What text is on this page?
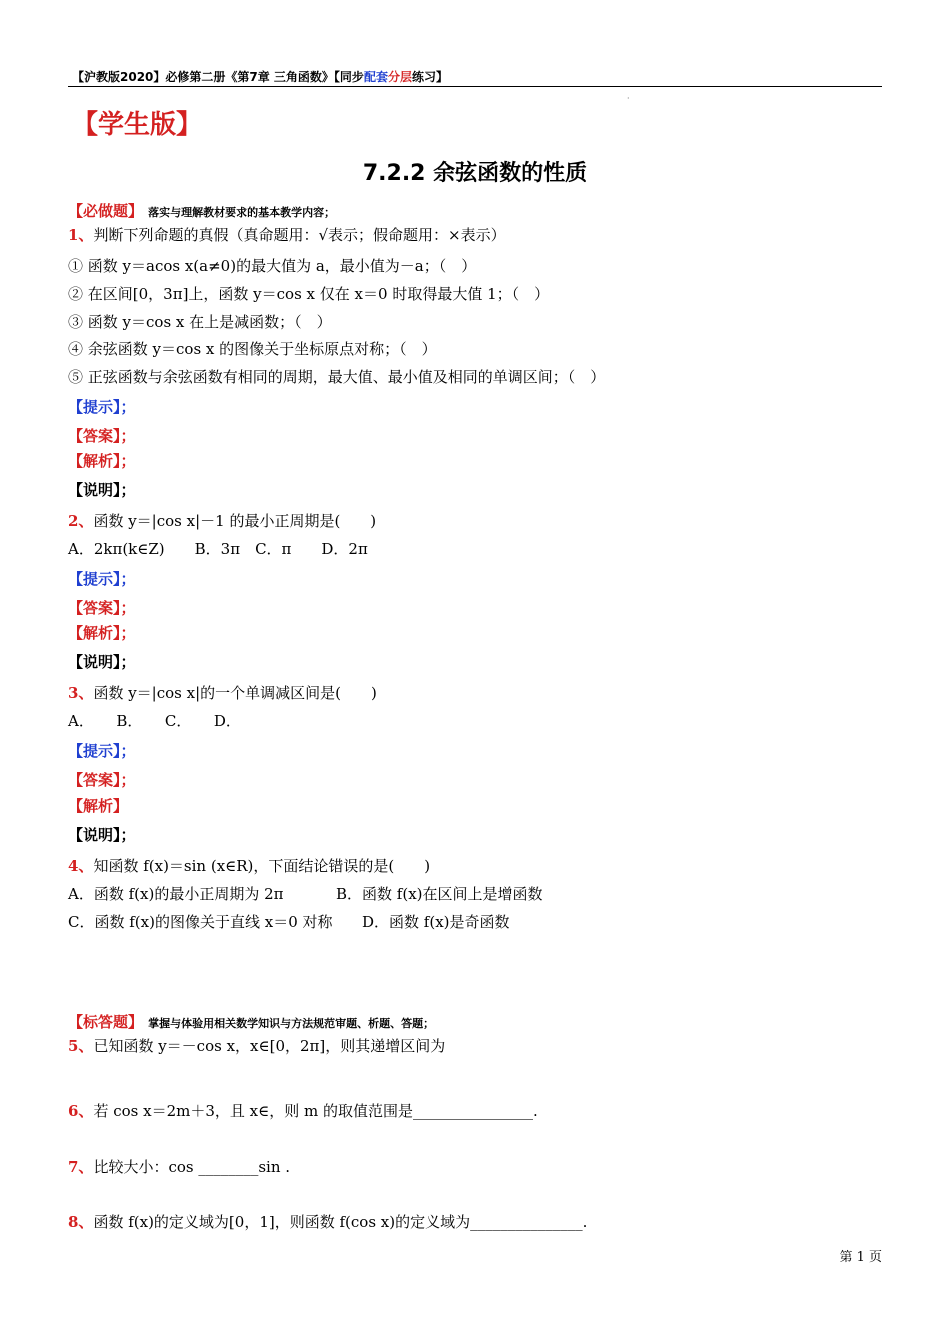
【沪教版2020】必修第二册《第7章 三角函数》【同步配套分层练习】
·
【学生版】
7.2.2 余弦函数的性质
【必做题】 落实与理解教材要求的基本教学内容；
1、判断下列命题的真假（真命题用：√表示；假命题用：×表示）
① 函数 y＝acos x(a≠0)的最大值为 a，最小值为－a；（　）
② 在区间[0，3π]上，函数 y＝cos x 仅在 x＝0 时取得最大值 1；（　）
③ 函数 y＝cos x 在上是减函数；（　）
④ 余弦函数 y＝cos x 的图像关于坐标原点对称；（　）
⑤ 正弦函数与余弦函数有相同的周期，最大值、最小值及相同的单调区间；（　）
【提示】；
【答案】；
【解析】；
【说明】；
2、函数 y＝|cos x|－1 的最小正周期是(　　)
A．2kπ(k∈Z)　　B．3π　C．π　　D．2π
【提示】；
【答案】；
【解析】；
【说明】；
3、函数 y＝|cos x|的一个单调减区间是(　　)
A．　　B．　　C．　　D．
【提示】；
【答案】；
【解析】
【说明】；
4、知函数 f(x)＝sin (x∈R)，下面结论错误的是(　　)
A．函数 f(x)的最小正周期为 2π	B．函数 f(x)在区间上是增函数
C．函数 f(x)的图像关于直线 x＝0 对称 D．函数 f(x)是奇函数
【标答题】 掌握与体验用相关数学知识与方法规范审题、析题、答题；
5、已知函数 y＝－cos x，x∈[0，2π]，则其递增区间为
6、若 cos x＝2m＋3，且 x∈，则 m 的取值范围是________________.
7、比较大小：cos ________sin .
8、函数 f(x)的定义域为[0，1]，则函数 f(cos x)的定义域为_______________.
第 1 页
